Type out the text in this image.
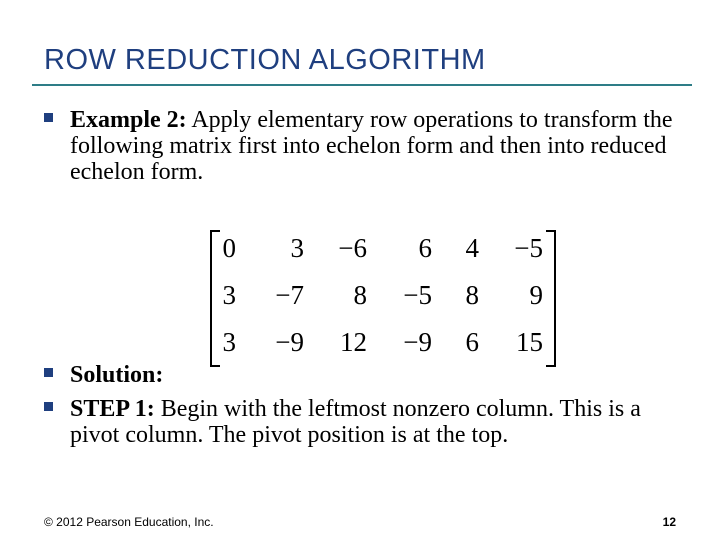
ROW REDUCTION ALGORITHM
Example 2: Apply elementary row operations to transform the following matrix first into echelon form and then into reduced echelon form.
0	3	−6	6	4	−5
3	−7	8	−5	8	9
3	−9	12	−9	6	15
Solution:
STEP 1: Begin with the leftmost nonzero column. This is a pivot column. The pivot position is at the top.
© 2012 Pearson Education, Inc.	12
